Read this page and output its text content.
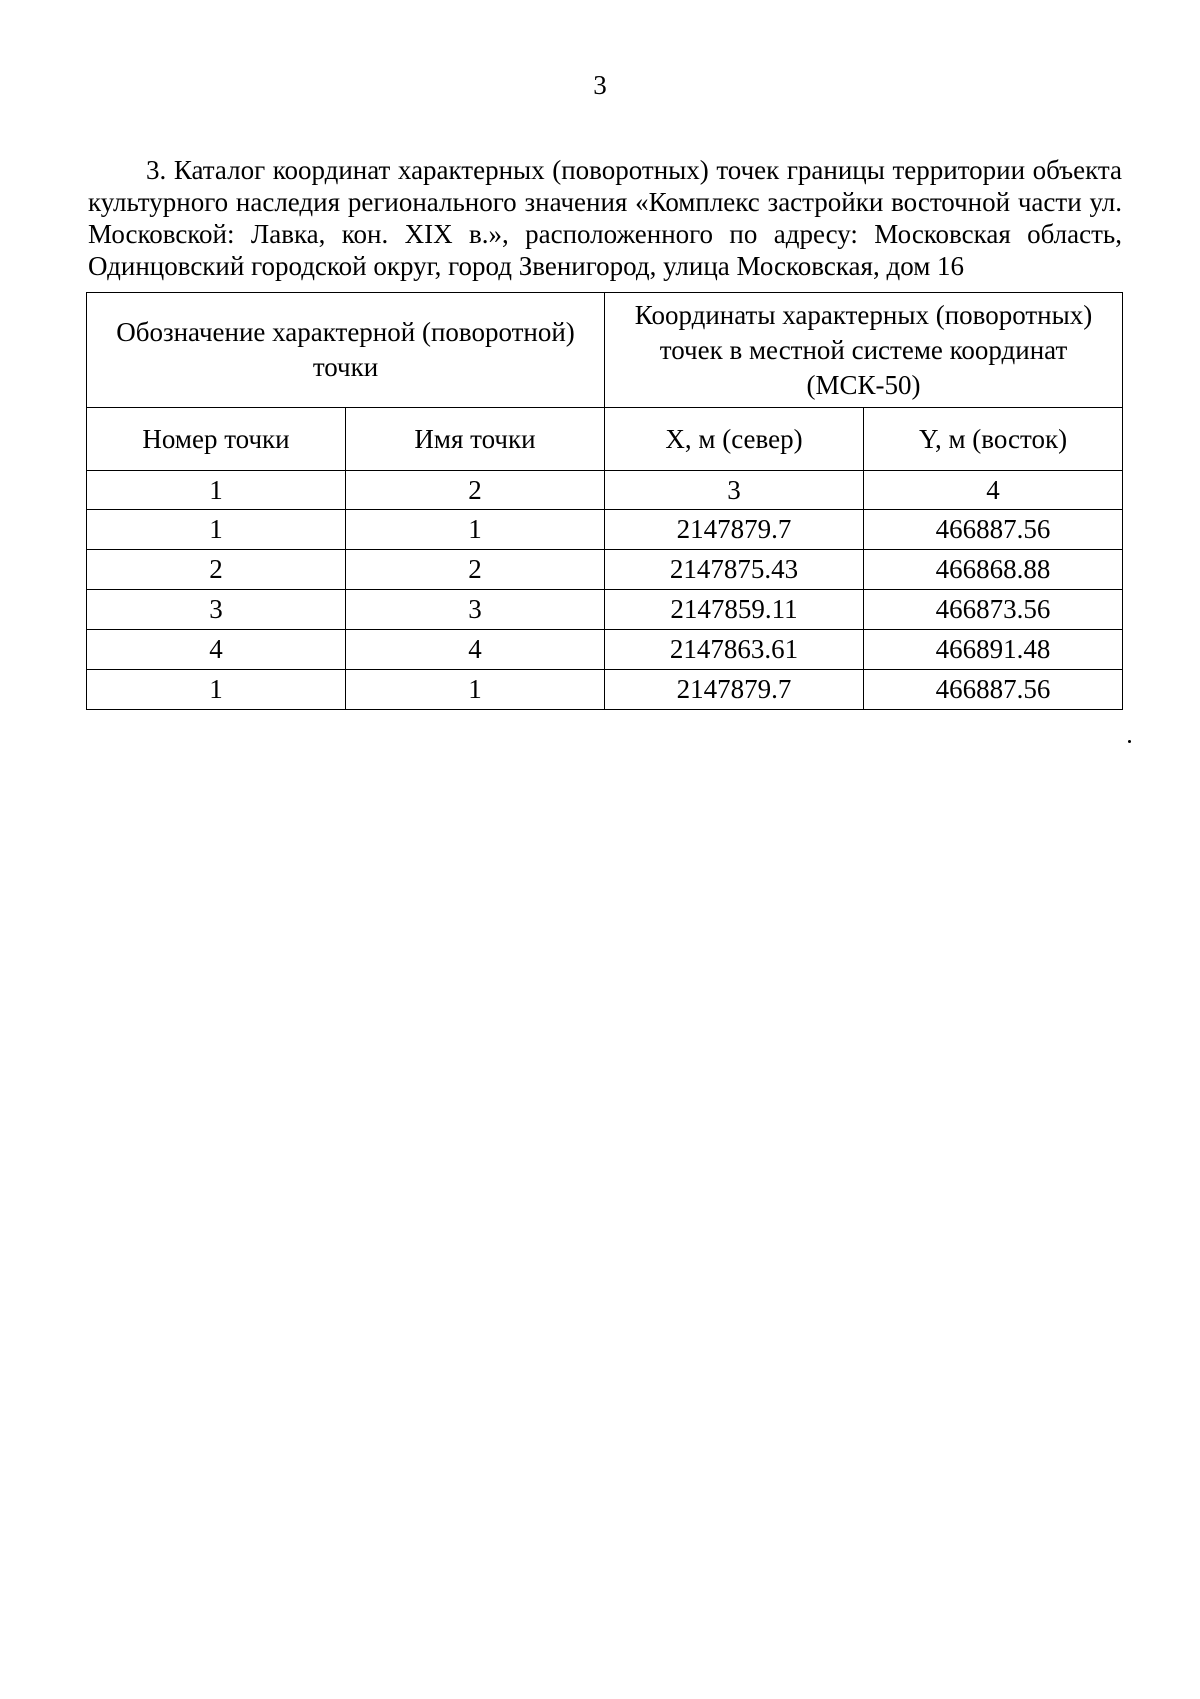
3

3. Каталог координат характерных (поворотных) точек границы территории объекта культурного наследия регионального значения «Комплекс застройки восточной части ул. Московской: Лавка, кон. XIX в.», расположенного по адресу: Московская область, Одинцовский городской округ, город Звенигород, улица Московская, дом 16

Обозначение характерной (поворотной) точки		Координаты характерных (поворотных) точек в местной системе координат (МСК-50)	
Номер точки	Имя точки	X, м (север)	Y, м (восток)
1	2	3	4
1	1	2147879.7	466887.56
2	2	2147875.43	466868.88
3	3	2147859.11	466873.56
4	4	2147863.61	466891.48
1	1	2147879.7	466887.56
